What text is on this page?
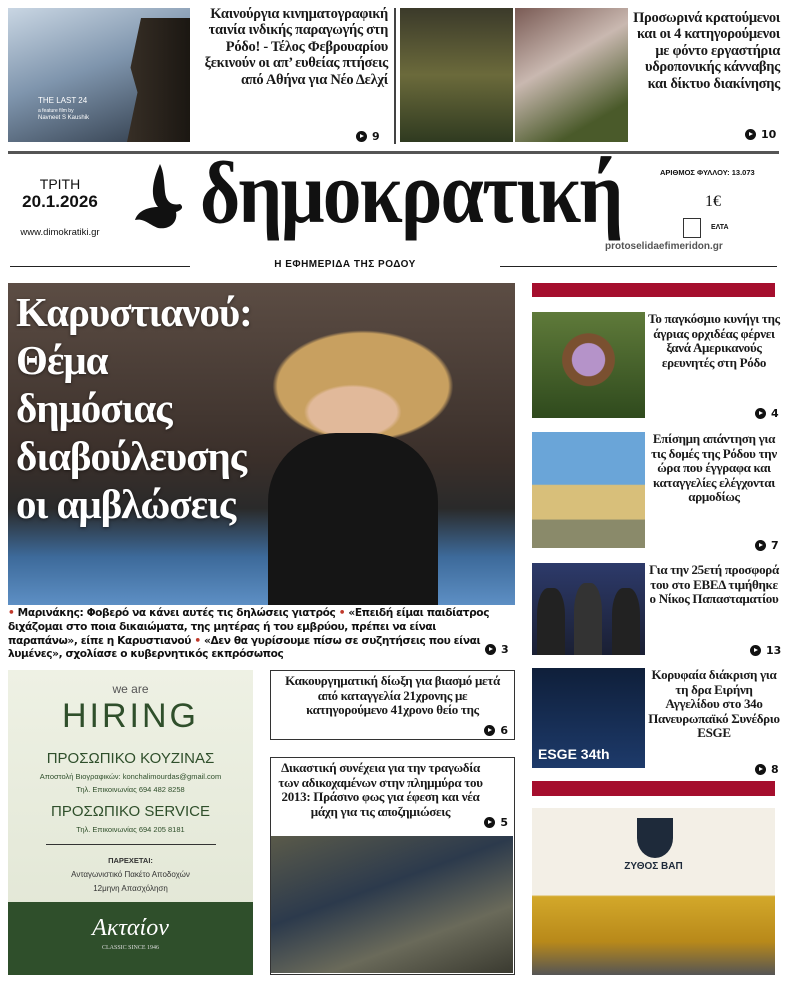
THE LAST 24
a feature film by
Navneet S Kaushik
Καινούργια κινηματογραφική ταινία ινδικής παραγωγής στη Ρόδο! - Τέλος Φεβρουαρίου ξεκινούν οι απ’ ευθείας πτήσεις από Αθήνα για Νέο Δελχί
9
Προσωρινά κρατούμενοι και οι 4 κατηγορούμενοι με φόντο εργαστήρια υδροπονικής κάνναβης και δίκτυο διακίνησης
10
ΤΡΙΤΗ
20.1.2026
www.dimokratiki.gr δημοκρατική	ΑΡΙΘΜΟΣ ΦΥΛΛΟΥ: 13.073
1€
ΕΛΤΑ
protoselidaefimeridon.gr
Η ΕΦΗΜΕΡΙΔΑ ΤΗΣ ΡΟΔΟΥ
Καρυστιανού:
Θέμα
δημόσιας
διαβούλευσης
οι αμβλώσεις
• Μαρινάκης: Φοβερό να κάνει αυτές τις δηλώσεις γιατρός • «Επειδή είμαι παιδίατρος διχάζομαι στο ποια δικαιώματα, της μητέρας ή του εμβρύου, πρέπει να είναι παραπάνω», είπε η Καρυστιανού • «Δεν θα γυρίσουμε πίσω σε συζητήσεις που είναι λυμένες», σχολίασε ο κυβερνητικός εκπρόσωπος	3
Το παγκόσμιο κυνήγι της άγριας ορχιδέας φέρνει ξανά Αμερικανούς ερευνητές στη Ρόδο
4
Επίσημη απάντηση για τις δομές της Ρόδου την ώρα που έγγραφα και καταγγελίες ελέγχονται αρμοδίως
7
Για την 25ετή προσφορά του στο ΕΒΕΔ τιμήθηκε ο Νίκος Παπασταματίου
13
ESGE 34th
Κορυφαία διάκριση για τη δρα Ειρήνη Αγγελίδου στο 34ο Πανευρωπαϊκό Συνέδριο ESGE
8
ΖΥΘΟΣ ΒΑΠ
we are
HIRING
ΠΡΟΣΩΠΙΚΟ ΚΟΥΖΙΝΑΣ
Αποστολή Βιογραφικών: konchalimourdas@gmail.com
Τηλ. Επικοινωνίας 694 482 8258
ΠΡΟΣΩΠΙΚΟ SERVICE
Τηλ. Επικοινωνίας 694 205 8181
ΠΑΡΕΧΕΤΑΙ:
Ανταγωνιστικό Πακέτο Αποδοχών
12μηνη Απασχόληση
Ακταίον
CLASSIC SINCE 1946
Κακουργηματική δίωξη για βιασμό μετά από καταγγελία 21χρονης με κατηγορούμενο 41χρονο θείο της
6
Δικαστική συνέχεια για την τραγωδία των αδικοχαμένων στην πλημμύρα του 2013: Πράσινο φως για έφεση και νέα μάχη για τις αποζημιώσεις
5
